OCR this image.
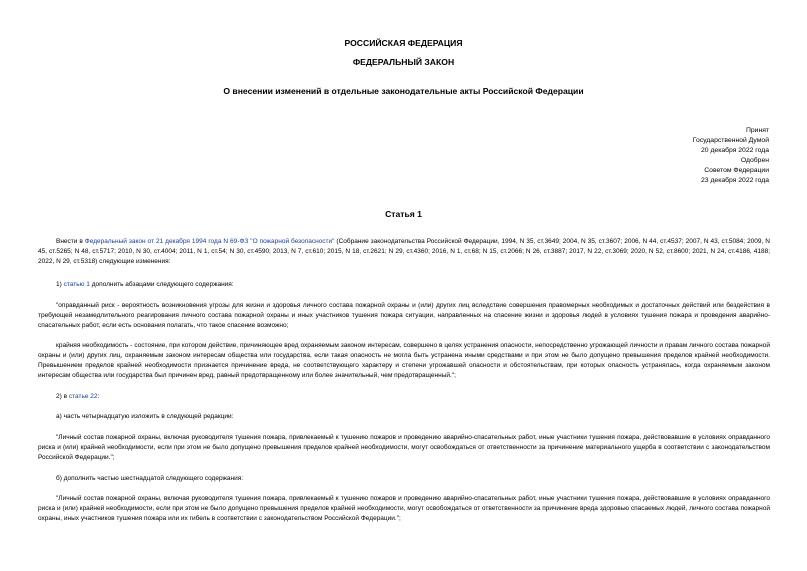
РОССИЙСКАЯ ФЕДЕРАЦИЯ
ФЕДЕРАЛЬНЫЙ ЗАКОН
О внесении изменений в отдельные законодательные акты Российской Федерации
Принят
Государственной Думой
20 декабря 2022 года
Одобрен
Советом Федерации
23 декабря 2022 года
Статья 1
Внести в Федеральный закон от 21 декабря 1994 года N 69-ФЗ "О пожарной безопасности" (Собрание законодательства Российской Федерации, 1994, N 35, ст.3649; 2004, N 35, ст.3607; 2006, N 44, ст.4537; 2007, N 43, ст.5084; 2009, N 45, ст.5265; N 48, ст.5717; 2010, N 30, ст.4004; 2011, N 1, ст.54; N 30, ст.4590; 2013, N 7, ст.610; 2015, N 18, ст.2621; N 29, ст.4360; 2016, N 1, ст.68; N 15, ст.2066; N 26, ст.3887; 2017, N 22, ст.3069; 2020, N 52, ст.8600; 2021, N 24, ст.4186, 4188; 2022, N 29, ст.5318) следующие изменения:
1) статью 1 дополнить абзацами следующего содержания:
"оправданный риск - вероятность возникновения угрозы для жизни и здоровья личного состава пожарной охраны и (или) других лиц вследствие совершения правомерных необходимых и достаточных действий или бездействия в требующей незамедлительного реагирования личного состава пожарной охраны и иных участников тушения пожара ситуации, направленных на спасение жизни и здоровья людей в условиях тушения пожара и проведения аварийно-спасательных работ, если есть основания полагать, что такое спасение возможно;
крайняя необходимость - состояние, при котором действие, причиняющее вред охраняемым законом интересам, совершено в целях устранения опасности, непосредственно угрожающей личности и правам личного состава пожарной охраны и (или) других лиц, охраняемым законом интересам общества или государства, если такая опасность не могла быть устранена иными средствами и при этом не было допущено превышения пределов крайней необходимости. Превышением пределов крайней необходимости признается причинение вреда, не соответствующего характеру и степени угрожавшей опасности и обстоятельствам, при которых опасность устранялась, когда охраняемым законом интересам общества или государства был причинен вред, равный предотвращенному или более значительный, чем предотвращенный.";
2) в статье 22:
а) часть четырнадцатую изложить в следующей редакции:
"Личный состав пожарной охраны, включая руководителя тушения пожара, привлекаемый к тушению пожаров и проведению аварийно-спасательных работ, иные участники тушения пожара, действовавшие в условиях оправданного риска и (или) крайней необходимости, если при этом не было допущено превышения пределов крайней необходимости, могут освобождаться от ответственности за причинение материального ущерба в соответствии с законодательством Российской Федерации.";
б) дополнить частью шестнадцатой следующего содержания:
"Личный состав пожарной охраны, включая руководителя тушения пожара, привлекаемый к тушению пожаров и проведению аварийно-спасательных работ, иные участники тушения пожара, действовавшие в условиях оправданного риска и (или) крайней необходимости, если при этом не было допущено превышения пределов крайней необходимости, могут освобождаться от ответственности за причинение вреда здоровью спасаемых людей, личного состава пожарной охраны, иных участников тушения пожара или их гибель в соответствии с законодательством Российской Федерации.";
